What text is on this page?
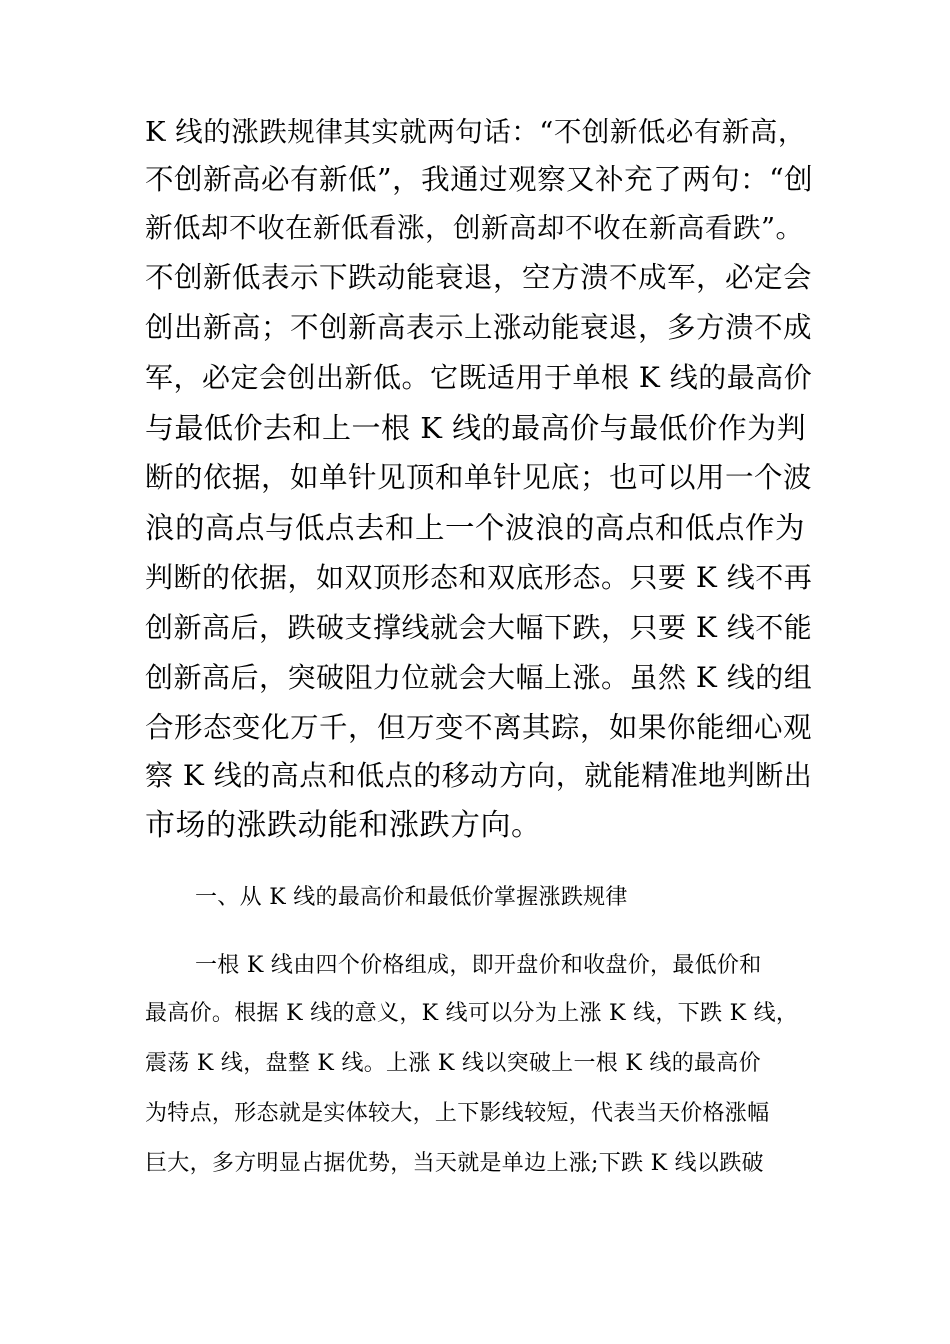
K 线的涨跌规律其实就两句话：“不创新低必有新高，
不创新高必有新低”，我通过观察又补充了两句：“创
新低却不收在新低看涨，创新高却不收在新高看跌”。
不创新低表示下跌动能衰退，空方溃不成军，必定会
创出新高；不创新高表示上涨动能衰退，多方溃不成
军，必定会创出新低。它既适用于单根 K 线的最高价
与最低价去和上一根 K 线的最高价与最低价作为判
断的依据，如单针见顶和单针见底；也可以用一个波
浪的高点与低点去和上一个波浪的高点和低点作为
判断的依据，如双顶形态和双底形态。只要 K 线不再
创新高后，跌破支撑线就会大幅下跌，只要 K 线不能
创新高后，突破阻力位就会大幅上涨。虽然 K 线的组
合形态变化万千，但万变不离其踪，如果你能细心观
察 K 线的高点和低点的移动方向，就能精准地判断出
市场的涨跌动能和涨跌方向。
一、从 K 线的最高价和最低价掌握涨跌规律
一根 K 线由四个价格组成，即开盘价和收盘价，最低价和
最高价。根据 K 线的意义，K 线可以分为上涨 K 线，下跌 K 线，
震荡 K 线，盘整 K 线。上涨 K 线以突破上一根 K 线的最高价
为特点，形态就是实体较大，上下影线较短，代表当天价格涨幅
巨大，多方明显占据优势，当天就是单边上涨;下跌 K 线以跌破
